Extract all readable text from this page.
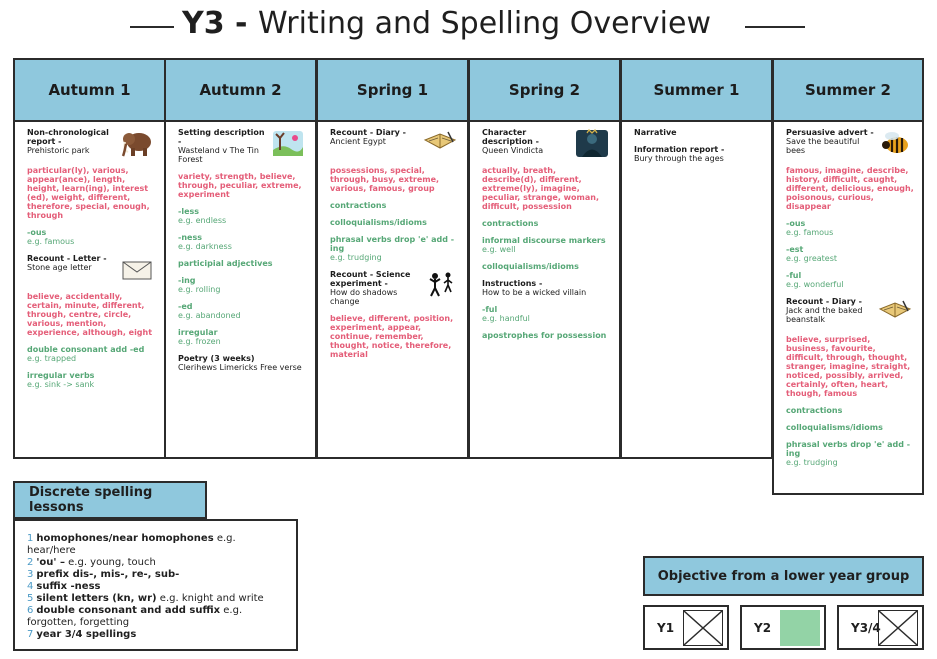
Y3 - Writing and Spelling Overview
Autumn 1
Non-chronological report -
Prehistoric park
particular(ly), various, appear(ance), length, height, learn(ing), interest (ed), weight, different, therefore, special, enough, through
-ous
e.g. famous
Recount - Letter -
Stone age letter
believe, accidentally, certain, minute, different, through, centre, circle, various, mention, experience, although, eight
double consonant add -ed
e.g. trapped
irregular verbs
e.g. sink -> sank
Autumn 2
Setting description -
Wasteland v The Tin Forest
variety, strength, believe, through, peculiar, extreme, experiment
-less
e.g. endless
-ness
e.g. darkness
participial adjectives
-ing
e.g. rolling
-ed
e.g. abandoned
irregular
e.g. frozen
Poetry (3 weeks)
Clerihews Limericks Free verse
Spring 1
Recount - Diary -
Ancient Egypt
possessions, special, through, busy, extreme, various, famous, group
contractions
colloquialisms/idioms
phrasal verbs drop 'e' add -ing
e.g. trudging
Recount - Science experiment -
How do shadows change
believe, different, position, experiment, appear, continue, remember, thought, notice, therefore, material
Spring 2
Character description -
Queen Vindicta
actually, breath, describe(d), different, extreme(ly), imagine, peculiar, strange, woman, difficult, possession
contractions
informal discourse markers
e.g. well
colloquialisms/idioms
Instructions -
How to be a wicked villain
-ful
e.g. handful
apostrophes for possession
Summer 1
Narrative
Information report -
Bury through the ages
Summer 2
Persuasive advert -
Save the beautiful bees
famous, imagine, describe, history, difficult, caught, different, delicious, enough, poisonous, curious, disappear
-ous
e.g. famous
-est
e.g. greatest
-ful
e.g. wonderful
Recount - Diary -
Jack and the baked beanstalk
believe, surprised, business, favourite, difficult, through, thought, stranger, imagine, straight, noticed, possibly, arrived, certainly, often, heart, though, famous
contractions
colloquialisms/idioms
phrasal verbs drop 'e' add -ing
e.g. trudging
Discrete spelling lessons
1 homophones/near homophones e.g. hear/here
2 'ou' – e.g. young, touch
3 prefix dis-, mis-, re-, sub-
4 suffix -ness
5 silent letters (kn, wr) e.g. knight and write
6 double consonant and add suffix e.g. forgotten, forgetting
7 year 3/4 spellings
Objective from a lower year group
Y1	Y2	Y3/4
